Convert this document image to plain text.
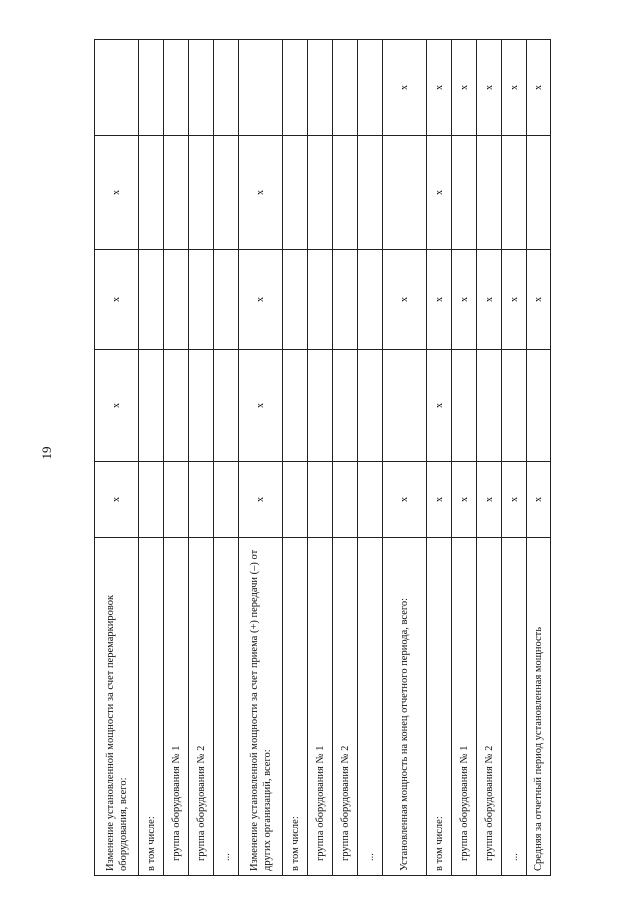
19
Изменение установленной мощности за счет перемаркировок оборудования, всего:	x	x	x	x	
в том числе:					
группа оборудования № 1					
группа оборудования № 2					
...					
Изменение установленной мощности за счет приема (+) передачи (–) от других организаций, всего:	x	x	x	x	
в том числе:					
группа оборудования № 1					
группа оборудования № 2					
...					
Установленная мощность на конец отчетного периода, всего:	x		x		x
в том числе:	x	x	x	x	x
группа оборудования № 1	x		x		x
группа оборудования № 2	x		x		x
...	x		x		x
Средняя за отчетный период установленная мощность	x		x		x
